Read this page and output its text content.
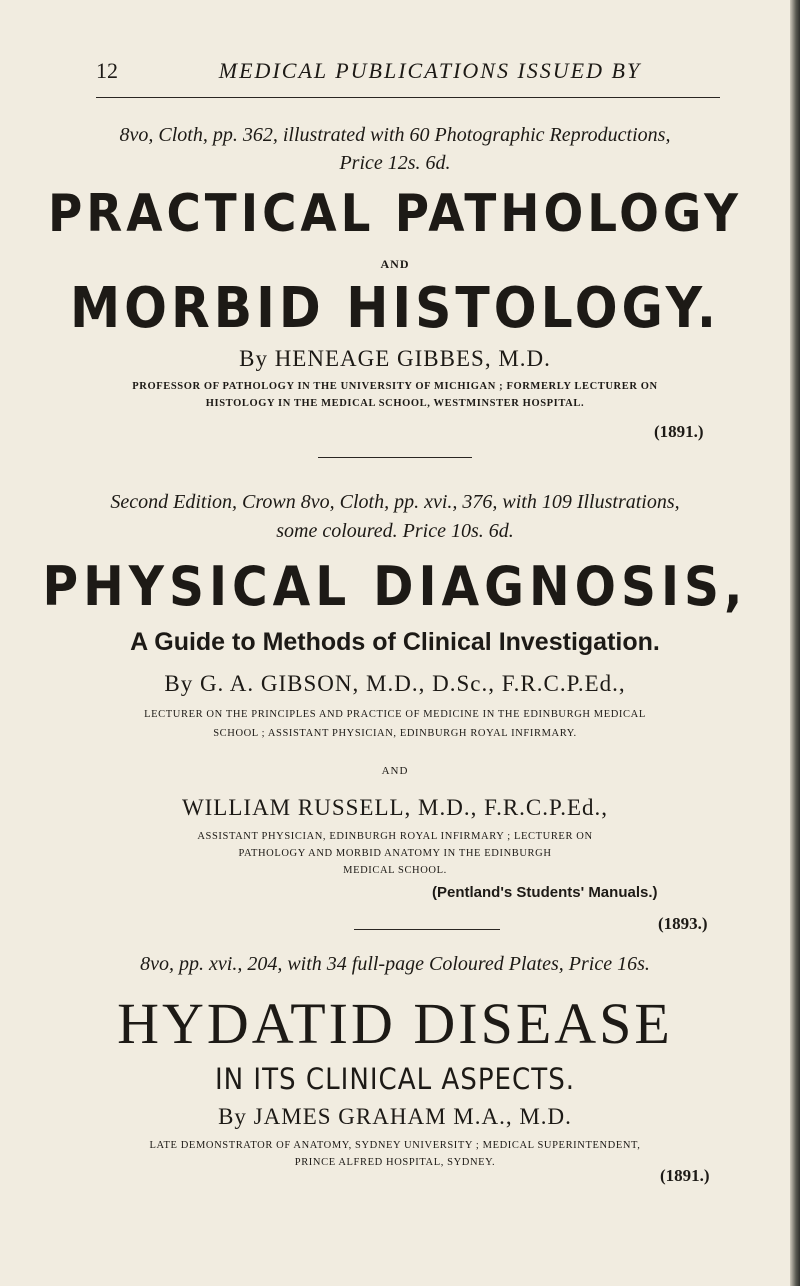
12	MEDICAL PUBLICATIONS ISSUED BY
8vo, Cloth, pp. 362, illustrated with 60 Photographic Reproductions,
Price 12s. 6d.
PRACTICAL PATHOLOGY
AND
MORBID HISTOLOGY.
By HENEAGE GIBBES, M.D.
PROFESSOR OF PATHOLOGY IN THE UNIVERSITY OF MICHIGAN ; FORMERLY LECTURER ON
HISTOLOGY IN THE MEDICAL SCHOOL, WESTMINSTER HOSPITAL.
(1891.)
Second Edition, Crown 8vo, Cloth, pp. xvi., 376, with 109 Illustrations,
some coloured. Price 10s. 6d.
PHYSICAL DIAGNOSIS,
A Guide to Methods of Clinical Investigation.
By G. A. GIBSON, M.D., D.Sc., F.R.C.P.Ed.,
LECTURER ON THE PRINCIPLES AND PRACTICE OF MEDICINE IN THE EDINBURGH MEDICAL
SCHOOL ; ASSISTANT PHYSICIAN, EDINBURGH ROYAL INFIRMARY.
AND
WILLIAM RUSSELL, M.D., F.R.C.P.Ed.,
ASSISTANT PHYSICIAN, EDINBURGH ROYAL INFIRMARY ; LECTURER ON
PATHOLOGY AND MORBID ANATOMY IN THE EDINBURGH
MEDICAL SCHOOL.
(Pentland's Students' Manuals.)
(1893.)
8vo, pp. xvi., 204, with 34 full-page Coloured Plates, Price 16s.
HYDATID DISEASE
IN ITS CLINICAL ASPECTS.
By JAMES GRAHAM M.A., M.D.
LATE DEMONSTRATOR OF ANATOMY, SYDNEY UNIVERSITY ; MEDICAL SUPERINTENDENT,
PRINCE ALFRED HOSPITAL, SYDNEY.
(1891.)
